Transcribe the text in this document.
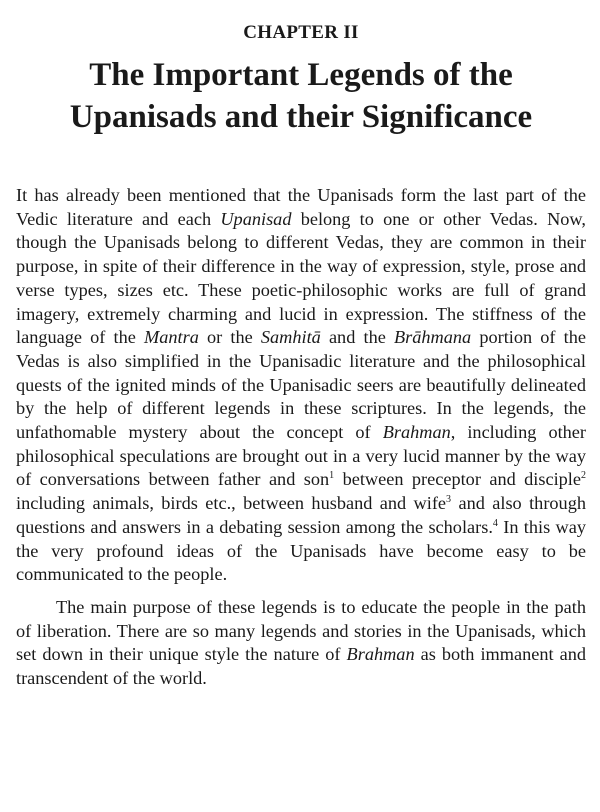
CHAPTER II
The Important Legends of the
Upanisads and their Significance

It has already been mentioned that the Upanisads form the last part of the Vedic literature and each Upanisad belong to one or other Vedas. Now, though the Upanisads belong to different Vedas, they are common in their purpose, in spite of their difference in the way of expression, style, prose and verse types, sizes etc. These poetic-philosophic works are full of grand imagery, extremely charming and lucid in expression. The stiffness of the language of the Mantra or the Samhitā and the Brāhmana portion of the Vedas is also simplified in the Upanisadic literature and the philosophical quests of the ignited minds of the Upanisadic seers are beautifully delineated by the help of different legends in these scriptures. In the legends, the unfathomable mystery about the concept of Brahman, including other philosophical speculations are brought out in a very lucid manner by the way of conversations between father and son$^1$ between preceptor and disciple$^2$ including animals, birds etc., between husband and wife$^3$ and also through questions and answers in a debating session among the scholars.$^4$ In this way the very profound ideas of the Upanisads have become easy to be communicated to the people.

The main purpose of these legends is to educate the people in the path of liberation. There are so many legends and stories in the Upanisads, which set down in their unique style the nature of Brahman as both immanent and transcendent of the world.
